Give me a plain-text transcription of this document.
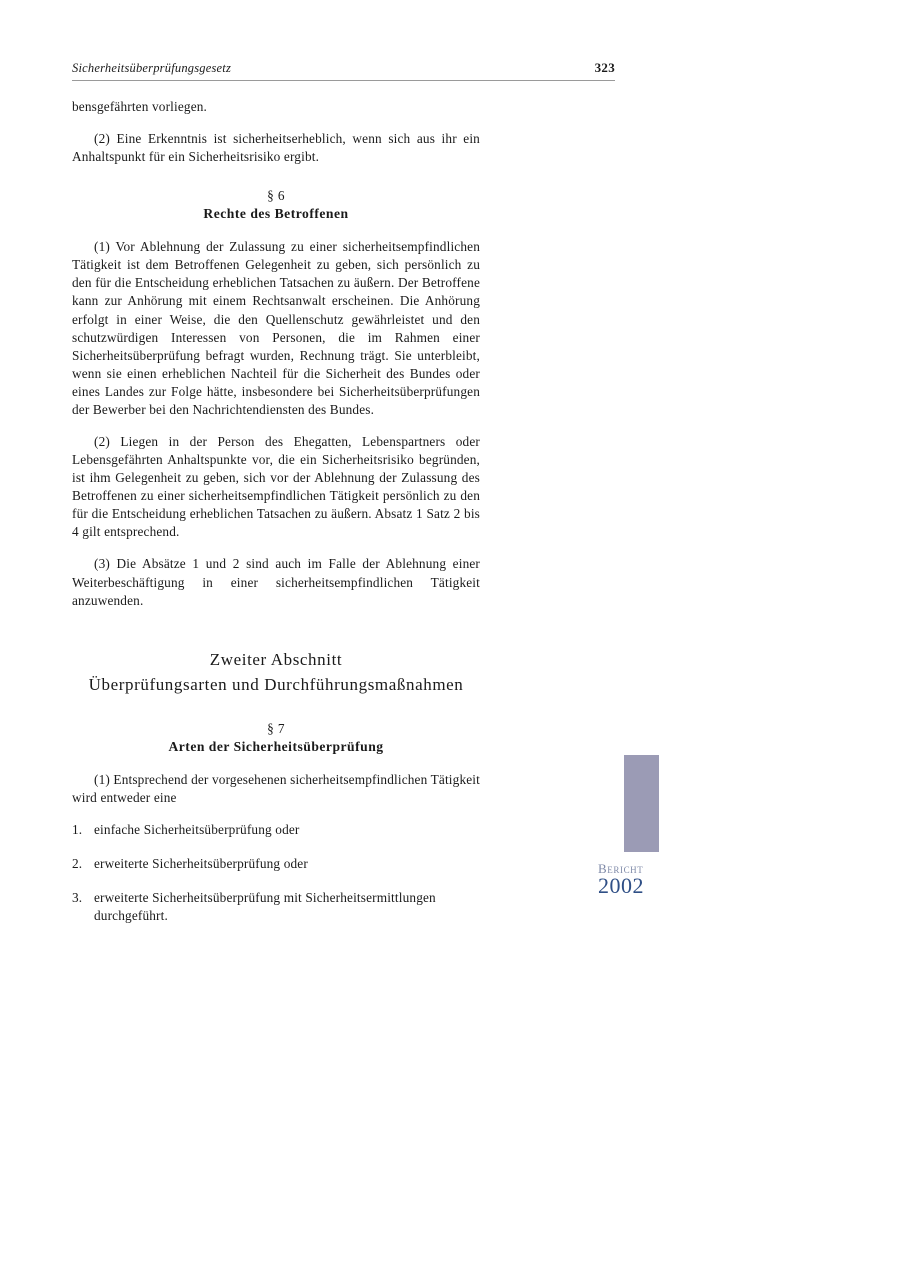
Sicherheitsüberprüfungsgesetz	323

bensgefährten vorliegen.

(2) Eine Erkenntnis ist sicherheitserheblich, wenn sich aus ihr ein Anhaltspunkt für ein Sicherheitsrisiko ergibt.

§ 6

Rechte des Betroffenen

(1) Vor Ablehnung der Zulassung zu einer sicherheitsempfindlichen Tätigkeit ist dem Betroffenen Gelegenheit zu geben, sich persönlich zu den für die Entscheidung erheblichen Tatsachen zu äußern. Der Betroffene kann zur Anhörung mit einem Rechtsanwalt erscheinen. Die Anhörung erfolgt in einer Weise, die den Quellenschutz gewährleistet und den schutzwürdigen Interessen von Personen, die im Rahmen einer Sicherheitsüberprüfung befragt wurden, Rechnung trägt. Sie unterbleibt, wenn sie einen erheblichen Nachteil für die Sicherheit des Bundes oder eines Landes zur Folge hätte, insbesondere bei Sicherheitsüberprüfungen der Bewerber bei den Nachrichtendiensten des Bundes.

(2) Liegen in der Person des Ehegatten, Lebenspartners oder Lebensgefährten Anhaltspunkte vor, die ein Sicherheitsrisiko begründen, ist ihm Gelegenheit zu geben, sich vor der Ablehnung der Zulassung des Betroffenen zu einer sicherheitsempfindlichen Tätigkeit persönlich zu den für die Entscheidung erheblichen Tatsachen zu äußern. Absatz 1 Satz 2 bis 4 gilt entsprechend.

(3) Die Absätze 1 und 2 sind auch im Falle der Ablehnung einer Weiterbeschäftigung in einer sicherheitsempfindlichen Tätigkeit anzuwenden.

Zweiter Abschnitt

Überprüfungsarten und Durchführungsmaßnahmen

§ 7

Arten der Sicherheitsüberprüfung

(1) Entsprechend der vorgesehenen sicherheitsempfindlichen Tätigkeit wird entweder eine

1. einfache Sicherheitsüberprüfung oder
2. erweiterte Sicherheitsüberprüfung oder
3. erweiterte Sicherheitsüberprüfung mit Sicherheitsermittlungen durchgeführt.
Bericht
2002
